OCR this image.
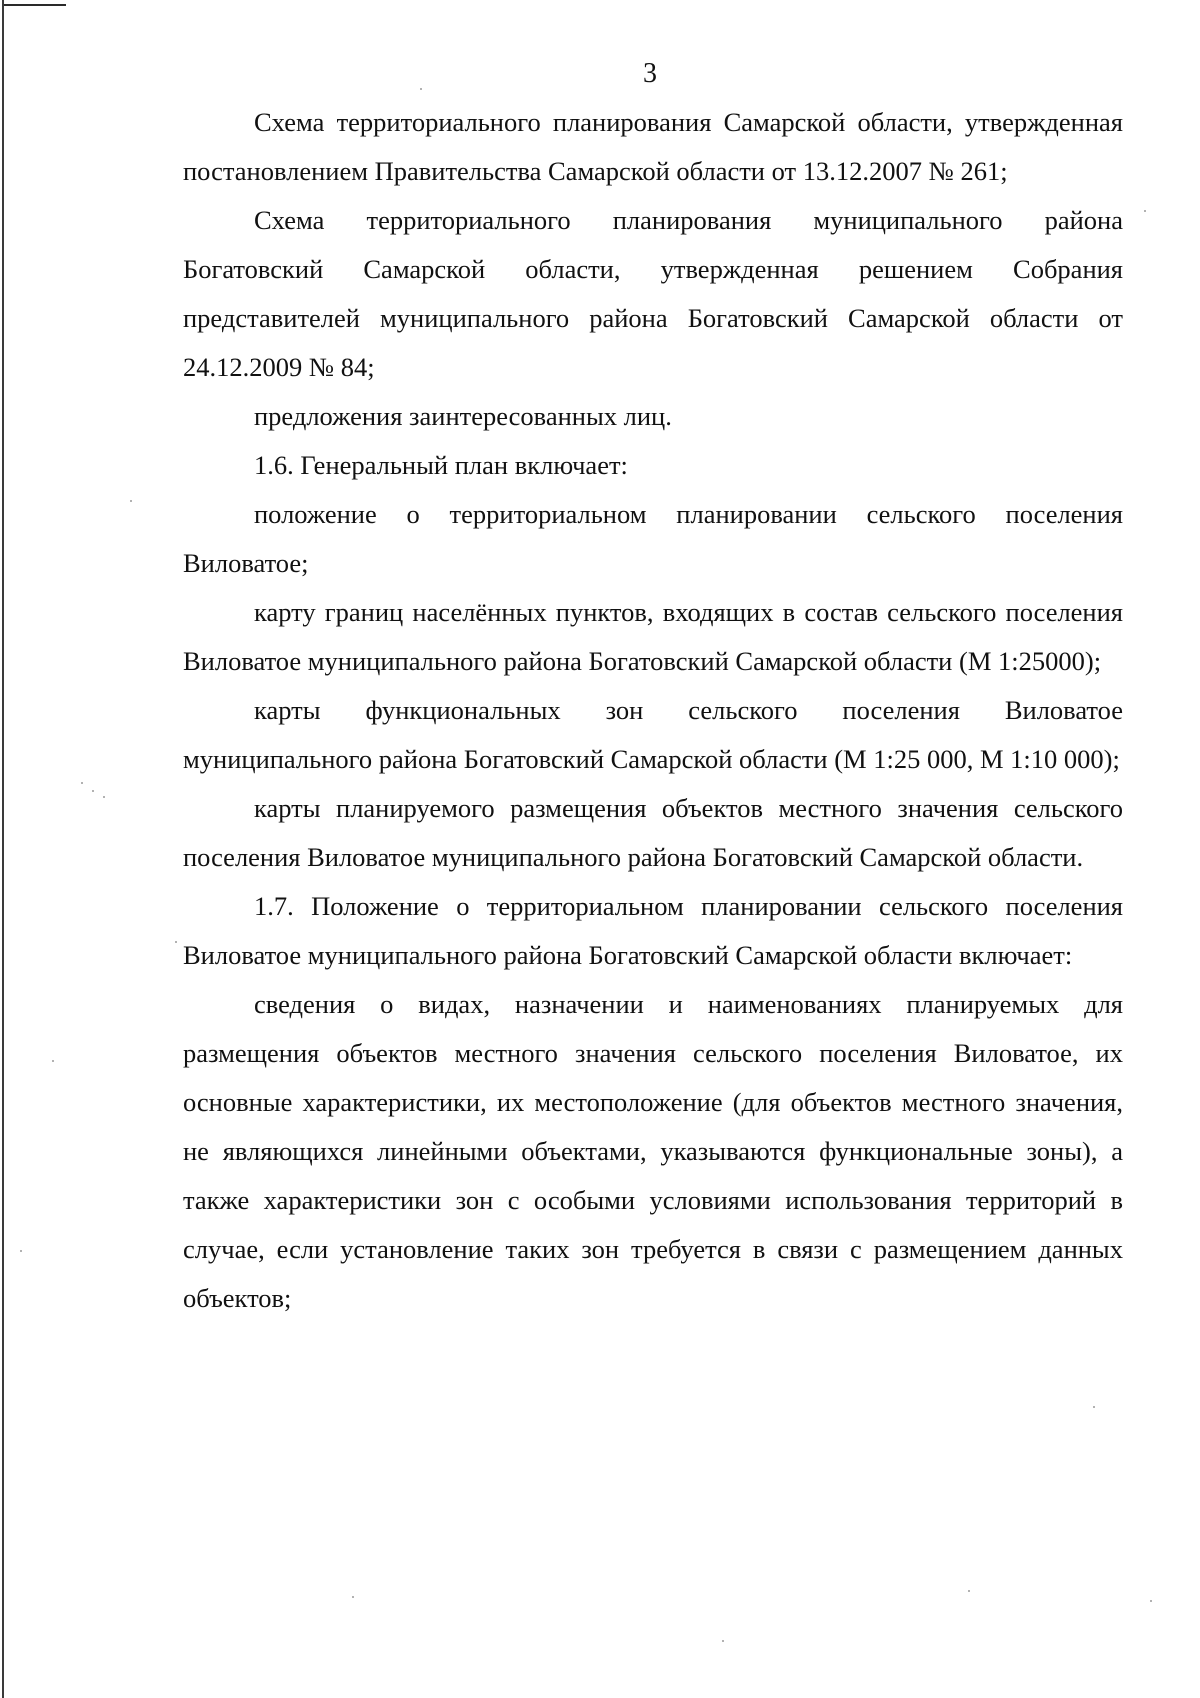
3

Схема территориального планирования Самарской области, утвержденная постановлением Правительства Самарской области от 13.12.2007 № 261;

Схема территориального планирования муниципального района Богатовский Самарской области, утвержденная решением Собрания представителей муниципального района Богатовский Самарской области от 24.12.2009 № 84;

предложения заинтересованных лиц.

1.6. Генеральный план включает:

положение о территориальном планировании сельского поселения Виловатое;

карту границ населённых пунктов, входящих в состав сельского поселения Виловатое муниципального района Богатовский Самарской области (М 1:25000);

карты функциональных зон сельского поселения Виловатое муниципального района Богатовский Самарской области (М 1:25 000, М 1:10 000);

карты планируемого размещения объектов местного значения сельского поселения Виловатое муниципального района Богатовский Самарской области.

1.7. Положение о территориальном планировании сельского поселения Виловатое муниципального района Богатовский Самарской области включает:

сведения о видах, назначении и наименованиях планируемых для размещения объектов местного значения сельского поселения Виловатое, их основные характеристики, их местоположение (для объектов местного значения, не являющихся линейными объектами, указываются функциональные зоны), а также характеристики зон с особыми условиями использования территорий в случае, если установление таких зон требуется в связи с размещением данных объектов;
